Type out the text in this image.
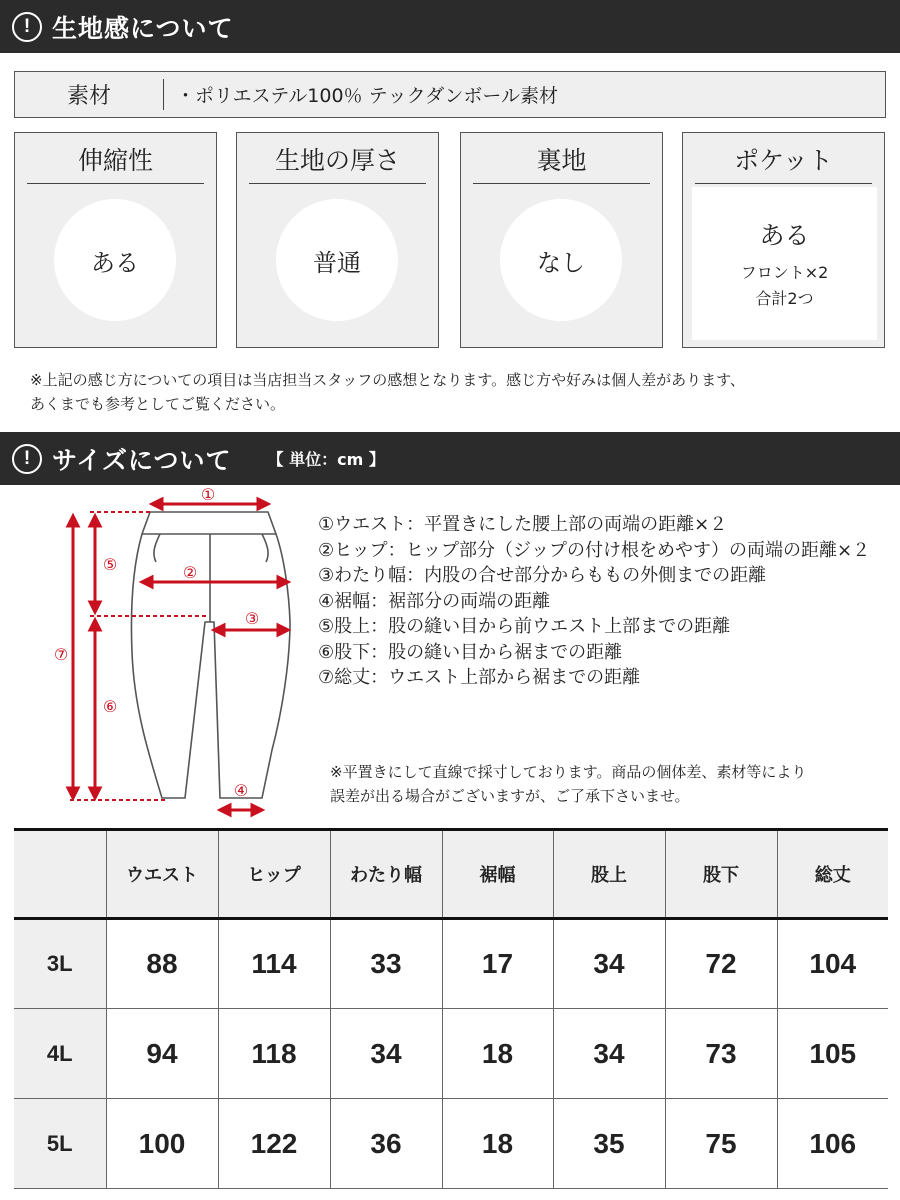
! 生地感について
素材	・ポリエステル100％ テックダンボール素材
伸縮性
ある
生地の厚さ
普通
裏地
なし
ポケット
ある
フロント×2
合計2つ
※上記の感じ方についての項目は当店担当スタッフの感想となります。感じ方や好みは個人差があります、
あくまでも参考としてご覧ください。
! サイズについて 【 単位：cm 】
①
②
③
④
⑤
⑥
⑦
①ウエスト：平置きにした腰上部の両端の距離×２
②ヒップ：ヒップ部分（ジップの付け根をめやす）の両端の距離×２
③わたり幅：内股の合せ部分からももの外側までの距離
④裾幅：裾部分の両端の距離
⑤股上：股の縫い目から前ウエスト上部までの距離
⑥股下：股の縫い目から裾までの距離
⑦総丈：ウエスト上部から裾までの距離
※平置きにして直線で採寸しております。商品の個体差、素材等により
誤差が出る場合がございますが、ご了承下さいませ。
	ウエスト	ヒップ	わたり幅	裾幅	股上	股下	総丈
3L	88	114	33	17	34	72	104
4L	94	118	34	18	34	73	105
5L	100	122	36	18	35	75	106
